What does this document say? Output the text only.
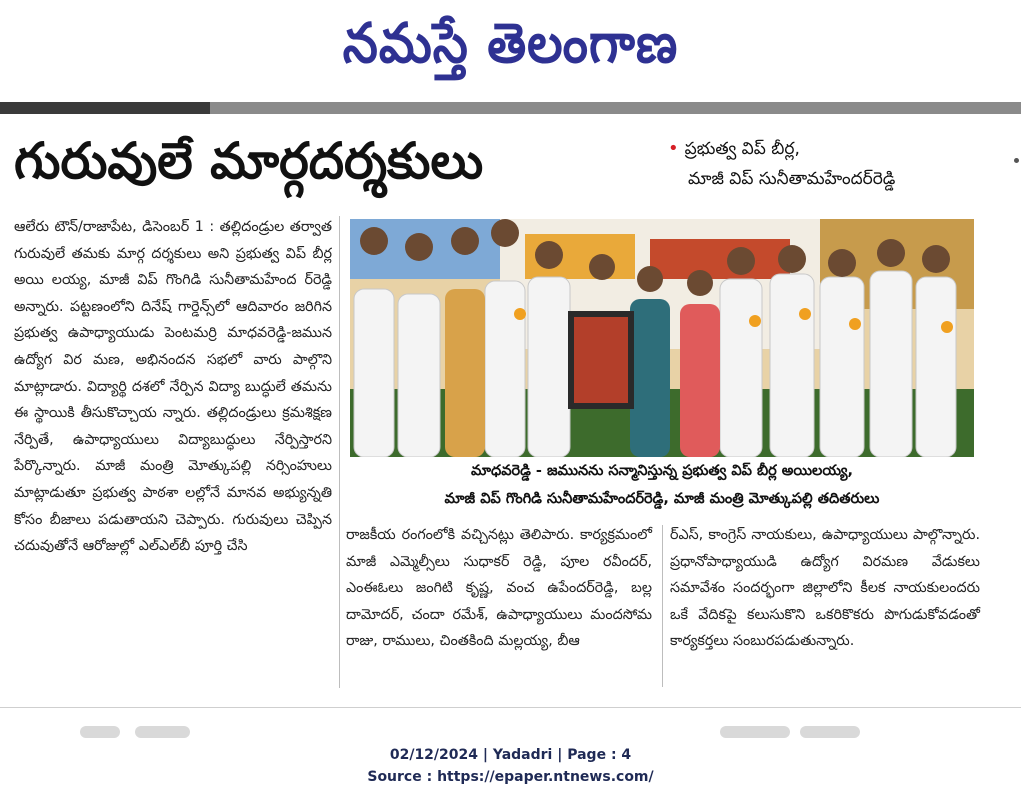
నమస్తే తెలంగాణ
గురువులే మార్గదర్శకులు	• ప్రభుత్వ విప్ బీర్ల,
మాజీ విప్ సునీతామహేందర్‌రెడ్డి

ఆలేరు టౌన్/రాజాపేట, డిసెంబర్ 1 : తల్లిదండ్రుల తర్వాత గురువులే తమకు మార్గ దర్శకులు అని ప్రభుత్వ విప్ బీర్ల అయి లయ్య, మాజీ విప్ గొంగిడి సునీతామహేంద ర్‌రెడ్డి అన్నారు. పట్టణంలోని దినేష్ గార్డెన్స్‌లో ఆదివారం జరిగిన ప్రభుత్వ ఉపాధ్యాయుడు పెంటమర్రి మాధవరెడ్డి-జమున ఉద్యోగ విర మణ, అభినందన సభలో వారు పాల్గొని మాట్లాడారు. విద్యార్థి దశలో నేర్పిన విద్యా బుద్ధులే తమను ఈ స్థాయికి తీసుకొచ్చాయ న్నారు. తల్లిదండ్రులు క్రమశిక్షణ నేర్పితే, ఉపాధ్యాయులు విద్యాబుద్ధులు నేర్పిస్తారని పేర్కొన్నారు. మాజీ మంత్రి మోత్కుపల్లి నర్సింహులు మాట్లాడుతూ ప్రభుత్వ పాఠశా లల్లోనే మానవ అభ్యున్నతి కోసం బీజాలు పడుతాయని చెప్పారు. గురువులు చెప్పిన చదువుతోనే ఆరోజుల్లో ఎల్‌ఎల్‌బీ పూర్తి చేసి

మాధవరెడ్డి - జమునను సన్మానిస్తున్న ప్రభుత్వ విప్ బీర్ల అయిలయ్య,
మాజీ విప్ గొంగిడి సునీతామహేందర్‌రెడ్డి, మాజీ మంత్రి మోత్కుపల్లి తదితరులు

రాజకీయ రంగంలోకి వచ్చినట్లు తెలిపారు. కార్యక్రమంలో మాజీ ఎమ్మెల్సీలు సుధాకర్ రెడ్డి, పూల రవీందర్, ఎంఈఓలు జంగిటి కృష్ణ, వంచ ఉపేందర్‌రెడ్డి, బల్ల దామోదర్, చందా రమేశ్, ఉపాధ్యాయులు మందసోమ రాజు, రాములు, చింతకింది మల్లయ్య, బీఆ

ర్‌ఎస్, కాంగ్రెస్ నాయకులు, ఉపాధ్యాయులు పాల్గొన్నారు. ప్రధానోపాధ్యాయుడి ఉద్యోగ విరమణ వేడుకలు సమావేశం సందర్భంగా జిల్లాలోని కీలక నాయకులందరు ఒకే వేదికపై కలుసుకొని ఒకరికొకరు పొగుడుకోవడంతో కార్యకర్తలు సంబురపడుతున్నారు.

02/12/2024 | Yadadri | Page : 4
Source : https://epaper.ntnews.com/
